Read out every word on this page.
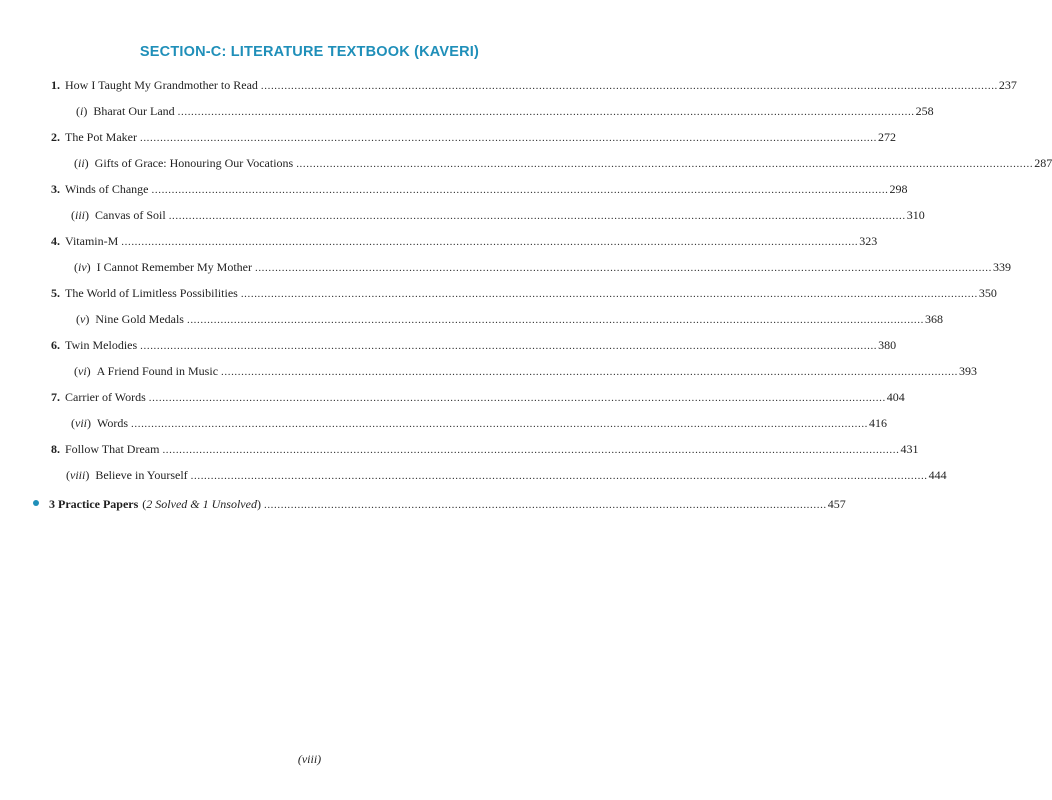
SECTION-C: LITERATURE TEXTBOOK (KAVERI)
1. How I Taught My Grandmother to Read ............................................................................................................................................................................................................................ 237
(i) Bharat Our Land ............................................................................................................................................................................................................................ 258
2. The Pot Maker ............................................................................................................................................................................................................................ 272
(ii) Gifts of Grace: Honouring Our Vocations ............................................................................................................................................................................................................................ 287
3. Winds of Change ............................................................................................................................................................................................................................ 298
(iii) Canvas of Soil ............................................................................................................................................................................................................................ 310
4. Vitamin-M ............................................................................................................................................................................................................................ 323
(iv) I Cannot Remember My Mother ............................................................................................................................................................................................................................ 339
5. The World of Limitless Possibilities ............................................................................................................................................................................................................................ 350
(v) Nine Gold Medals ............................................................................................................................................................................................................................ 368
6. Twin Melodies ............................................................................................................................................................................................................................ 380
(vi) A Friend Found in Music ............................................................................................................................................................................................................................ 393
7. Carrier of Words ............................................................................................................................................................................................................................ 404
(vii) Words ............................................................................................................................................................................................................................ 416
8. Follow That Dream ............................................................................................................................................................................................................................ 431
(viii) Believe in Yourself ............................................................................................................................................................................................................................ 444
3 Practice Papers (2 Solved & 1 Unsolved) ........................................................................................................................................................................ 457
(viii)
